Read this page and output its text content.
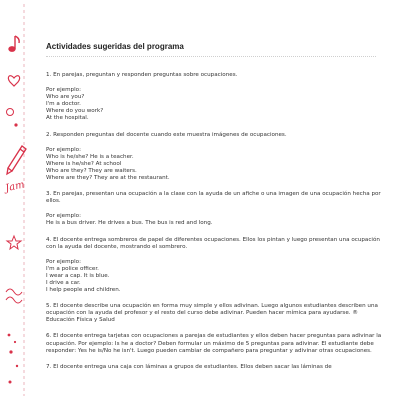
Jam
Actividades sugeridas del programa
1. En parejas, preguntan y responden preguntas sobre ocupaciones.
Por ejemplo:
Who are you?
I'm a doctor.
Where do you work?
At the hospital.
2. Responden preguntas del docente cuando este muestra imágenes de ocupaciones.
Por ejemplo:
Who is he/she? He is a teacher.
Where is he/she? At school
Who are they? They are waiters.
Where are they? They are at the restaurant.
3. En parejas, presentan una ocupación a la clase con la ayuda de un afiche o una imagen de una ocupación hecha por ellos.
Por ejemplo:
He is a bus driver. He drives a bus. The bus is red and long.
4. El docente entrega sombreros de papel de diferentes ocupaciones. Ellos los pintan y luego presentan una ocupación con la ayuda del docente, mostrando el sombrero.
Por ejemplo:
I'm a police officer.
I wear a cap. It is blue.
I drive a car.
I help people and children.
5. El docente describe una ocupación en forma muy simple y ellos adivinan. Luego algunos estudiantes describen una ocupación con la ayuda del profesor y el resto del curso debe adivinar. Pueden hacer mímica para ayudarse. ® Educación Física y Salud
6. El docente entrega tarjetas con ocupaciones a parejas de estudiantes y ellos deben hacer preguntas para adivinar la ocupación. Por ejemplo: Is he a doctor? Deben formular un máximo de 5 preguntas para adivinar. El estudiante debe responder: Yes he is/No he isn't. Luego pueden cambiar de compañero para preguntar y adivinar otras ocupaciones.
7. El docente entrega una caja con láminas a grupos de estudiantes. Ellos deben sacar las láminas de
